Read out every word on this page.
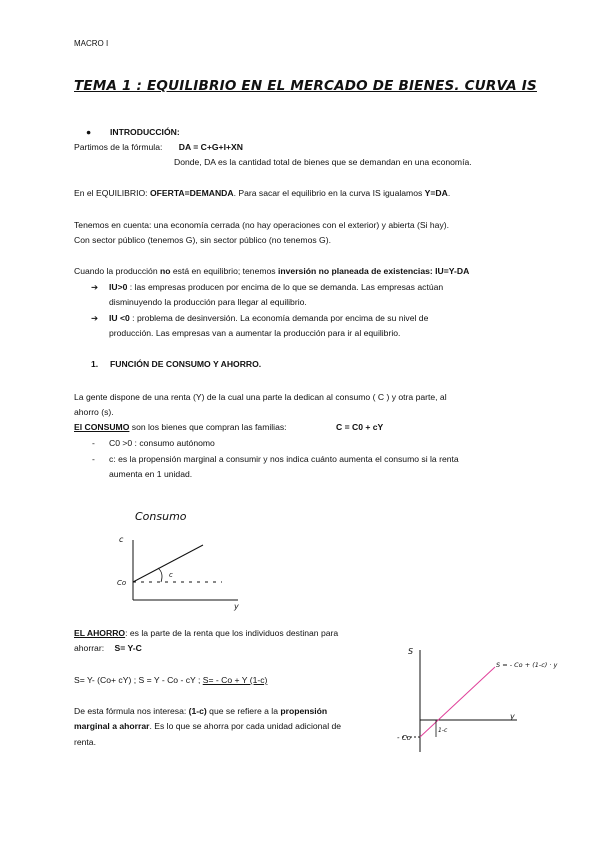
MACRO I
TEMA 1 : EQUILIBRIO EN EL MERCADO DE BIENES. CURVA IS
● INTRODUCCIÓN:
Partimos de la fórmula: DA = C+G+I+XN
Donde, DA es la cantidad total de bienes que se demandan en una economía.
En el EQUILIBRIO: OFERTA=DEMANDA. Para sacar el equilibrio en la curva IS igualamos Y=DA.
Tenemos en cuenta: una economía cerrada (no hay operaciones con el exterior) y abierta (Si hay).
Con sector público (tenemos G), sin sector público (no tenemos G).
Cuando la producción no está en equilibrio; tenemos inversión no planeada de existencias: IU=Y-DA
➔ IU>0 : las empresas producen por encima de lo que se demanda. Las empresas actúan
disminuyendo la producción para llegar al equilibrio.
➔ IU <0 : problema de desinversión. La economía demanda por encima de su nivel de
producción. Las empresas van a aumentar la producción para ir al equilibrio.
1. FUNCIÓN DE CONSUMO Y AHORRO.
La gente dispone de una renta (Y) de la cual una parte la dedican al consumo ( C ) y otra parte, al
ahorro (s).
El CONSUMO son los bienes que compran las familias:	C = C0 + cY
- C0 >0 : consumo autónomo
- c: es la propensión marginal a consumir y nos indica cuánto aumenta el consumo si la renta
aumenta en 1 unidad.
Consumo
c
y
Co
c
EL AHORRO: es la parte de la renta que los individuos destinan para
ahorrar: S= Y-C
S= Y- (Co+ cY) ; S = Y - Co - cY ; S= - Co + Y (1-c)
De esta fórmula nos interesa: (1-c) que se refiere a la propensión
marginal a ahorrar. Es lo que se ahorra por cada unidad adicional de
renta.
S
y
- Co
1-c
S = - Co + (1-c) · y
